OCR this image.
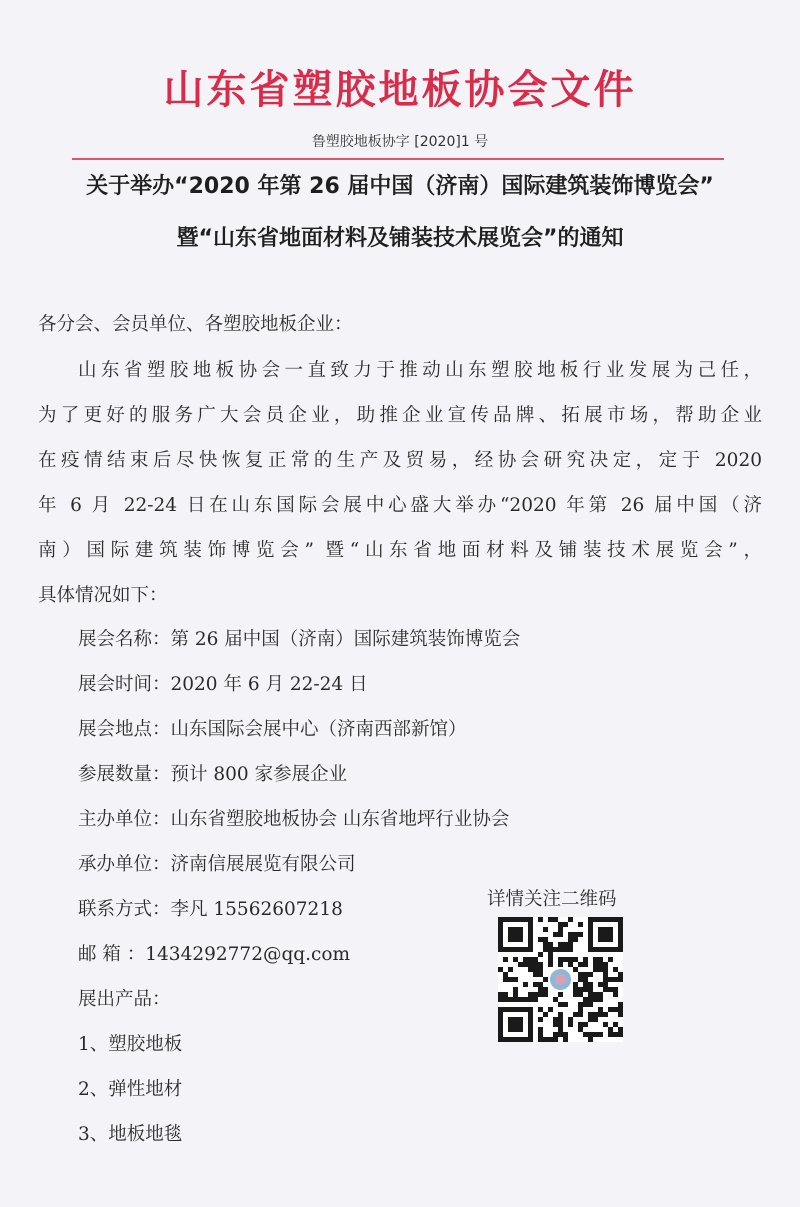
山东省塑胶地板协会文件
鲁塑胶地板协字 [2020]1 号
关于举办“2020 年第 26 届中国（济南）国际建筑装饰博览会”
暨“山东省地面材料及铺装技术展览会”的通知
各分会、会员单位、各塑胶地板企业：
山东省塑胶地板协会一直致力于推动山东塑胶地板行业发展为己任，
为了更好的服务广大会员企业，助推企业宣传品牌、拓展市场，帮助企业
在疫情结束后尽快恢复正常的生产及贸易，经协会研究决定，定于 2020
年 6 月 22-24 日在山东国际会展中心盛大举办“2020 年第 26 届中国（济
南）国际建筑装饰博览会” 暨“山东省地面材料及铺装技术展览会”，
具体情况如下：
展会名称：第 26 届中国（济南）国际建筑装饰博览会
展会时间：2020 年 6 月 22-24 日
展会地点：山东国际会展中心（济南西部新馆）
参展数量：预计 800 家参展企业
主办单位：山东省塑胶地板协会 山东省地坪行业协会
承办单位：济南信展展览有限公司
联系方式：李凡 15562607218
邮 箱 ：1434292772@qq.com
展出产品：
1、塑胶地板
2、弹性地材
3、地板地毯
详情关注二维码
